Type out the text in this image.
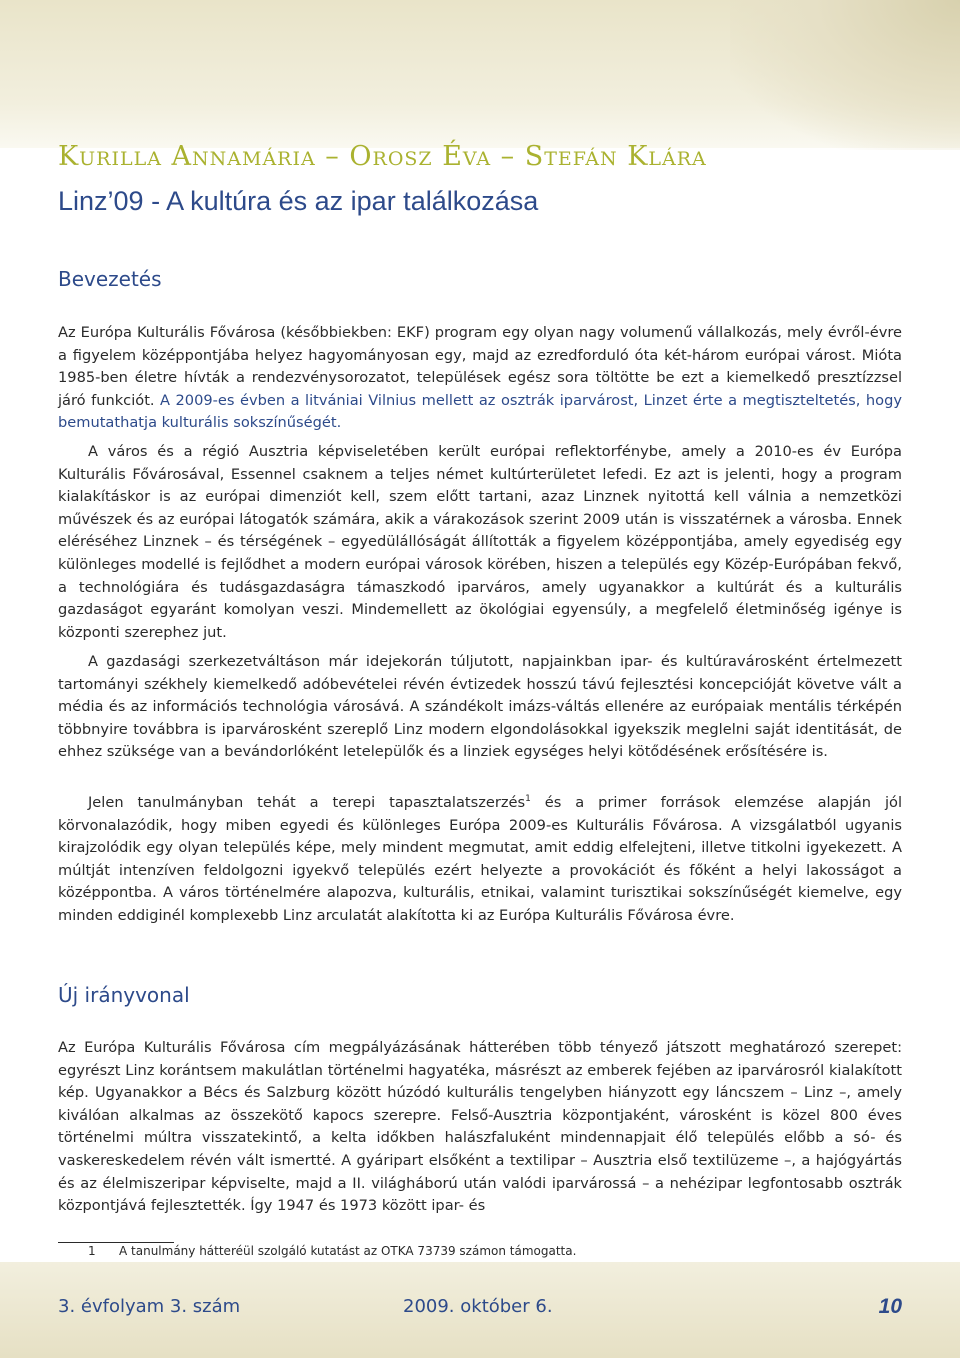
Kurilla Annamária – Orosz Éva – Stefán Klára
Linz’09 - A kultúra és az ipar találkozása
Bevezetés

Az Európa Kulturális Fővárosa (későbbiekben: EKF) program egy olyan nagy volumenű vállalkozás, mely évről-évre a figyelem középpontjába helyez hagyományosan egy, majd az ezredforduló óta két-három európai várost. Mióta 1985-ben életre hívták a rendezvénysorozatot, települések egész sora töltötte be ezt a kiemelkedő presztízzsel járó funkciót. A 2009-es évben a litvániai Vilnius mellett az osztrák iparvárost, Linzet érte a megtiszteltetés, hogy bemutathatja kulturális sokszínűségét.

A város és a régió Ausztria képviseletében került európai reflektorfénybe, amely a 2010-es év Európa Kulturális Fővárosával, Essennel csaknem a teljes német kultúrterületet lefedi. Ez azt is jelenti, hogy a program kialakításkor is az európai dimenziót kell, szem előtt tartani, azaz Linznek nyitottá kell válnia a nemzetközi művészek és az európai látogatók számára, akik a várakozások szerint 2009 után is visszatérnek a városba. Ennek eléréséhez Linznek – és térségének – egyedülállóságát állították a figyelem középpontjába, amely egyediség egy különleges modellé is fejlődhet a modern európai városok körében, hiszen a település egy Közép-Európában fekvő, a technológiára és tudásgazdaságra támaszkodó iparváros, amely ugyanakkor a kultúrát és a kulturális gazdaságot egyaránt komolyan veszi. Mindemellett az ökológiai egyensúly, a megfelelő életminőség igénye is központi szerephez jut.

A gazdasági szerkezetváltáson már idejekorán túljutott, napjainkban ipar- és kultúravárosként értelmezett tartományi székhely kiemelkedő adóbevételei révén évtizedek hosszú távú fejlesztési koncepcióját követve vált a média és az információs technológia városává. A szándékolt imázs-váltás ellenére az európaiak mentális térképén többnyire továbbra is iparvárosként szereplő Linz modern elgondolásokkal igyekszik meglelni saját identitását, de ehhez szüksége van a bevándorlóként letelepülők és a linziek egységes helyi kötődésének erősítésére is.

Jelen tanulmányban tehát a terepi tapasztalatszerzés$^1$ és a primer források elemzése alapján jól körvonalazódik, hogy miben egyedi és különleges Európa 2009-es Kulturális Fővárosa. A vizsgálatból ugyanis kirajzolódik egy olyan település képe, mely mindent megmutat, amit eddig elfelejteni, illetve titkolni igyekezett. A múltját intenzíven feldolgozni igyekvő település ezért helyezte a provokációt és főként a helyi lakosságot a középpontba. A város történelmére alapozva, kulturális, etnikai, valamint turisztikai sokszínűségét kiemelve, egy minden eddiginél komplexebb Linz arculatát alakította ki az Európa Kulturális Fővárosa évre.

Új irányvonal

Az Európa Kulturális Fővárosa cím megpályázásának hátterében több tényező játszott meghatározó szerepet: egyrészt Linz korántsem makulátlan történelmi hagyatéka, másrészt az emberek fejében az iparvárosról kialakított kép. Ugyanakkor a Bécs és Salzburg között húzódó kulturális tengelyben hiányzott egy láncszem – Linz –, amely kiválóan alkalmas az összekötő kapocs szerepre. Felső-Ausztria központjaként, városként is közel 800 éves történelmi múltra visszatekintő, a kelta időkben halászfaluként mindennapjait élő település előbb a só- és vaskereskedelem révén vált ismertté. A gyáripart elsőként a textilipar – Ausztria első textilüzeme –, a hajógyártás és az élelmiszeripar képviselte, majd a II. világháború után valódi iparvárossá – a nehézipar legfontosabb osztrák központjává fejlesztették. Így 1947 és 1973 között ipar- és

1 A tanulmány hátteréül szolgáló kutatást az OTKA 73739 számon támogatta.
3. évfolyam 3. szám	2009. október 6.	10
